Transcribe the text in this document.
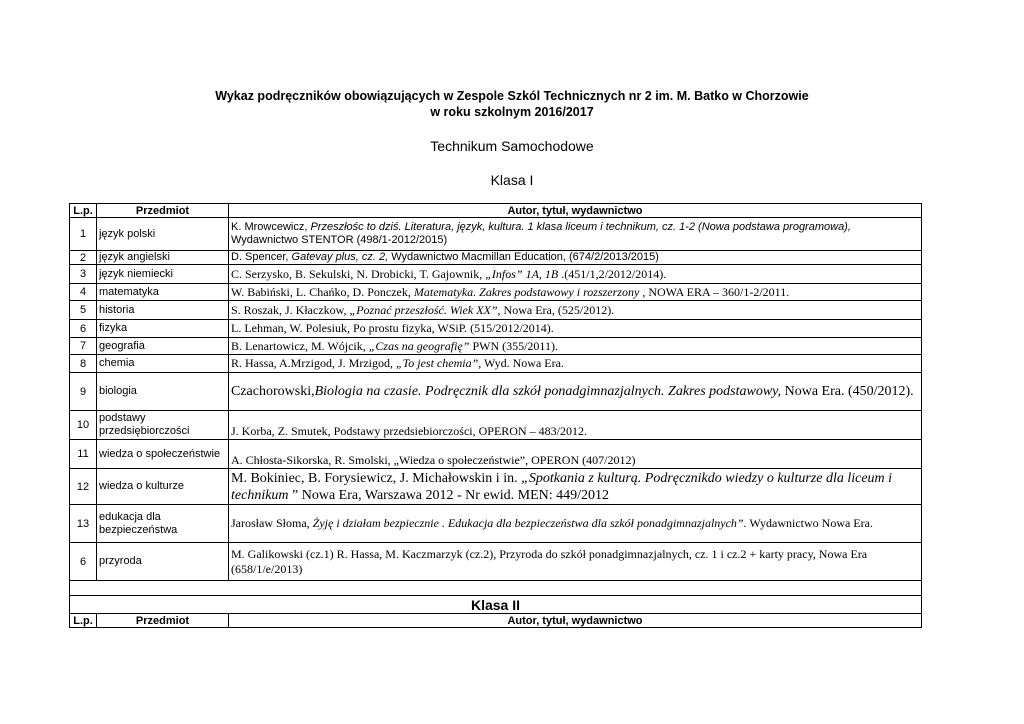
Wykaz podręczników obowiązujących w Zespole Szkól Technicznych nr 2 im. M. Batko w Chorzowie
w roku szkolnym 2016/2017
Technikum Samochodowe
Klasa I
L.p.	Przedmiot	Autor, tytuł, wydawnictwo
1	język polski	K. Mrowcewicz, Przeszłośc to dziś. Literatura, język, kultura. 1 klasa liceum i technikum, cz. 1-2 (Nowa podstawa programowa), Wydawnictwo STENTOR (498/1-2012/2015)
2	język angielski	D. Spencer, Gatevay plus, cz. 2, Wydawnictwo Macmillan Education, (674/2/2013/2015)
3	język niemiecki	C. Serzysko, B. Sekulski, N. Drobicki, T. Gajownik, „Infos” 1A, 1B .(451/1,2/2012/2014).
4	matematyka	W. Babiński, L. Chańko, D. Ponczek, Matematyka. Zakres podstawowy i rozszerzony , NOWA ERA – 360/1-2/2011.
5	historia	S. Roszak, J. Kłaczkow, „Poznać przeszłość. Wiek XX”, Nowa Era, (525/2012).
6	fizyka	L. Lehman, W. Polesiuk, Po prostu fizyka, WSiP. (515/2012/2014).
7	geografia	B. Lenartowicz, M. Wójcik, „Czas na geografię” PWN (355/2011).
8	chemia	R. Hassa, A.Mrzigod, J. Mrzigod, „To jest chemia”, Wyd. Nowa Era.
9	biologia	Czachorowski,Biologia na czasie. Podręcznik dla szkół ponadgimnazjalnych. Zakres podstawowy, Nowa Era. (450/2012).
10	podstawy przedsiębiorczości	J. Korba, Z. Smutek, Podstawy przedsiebiorczości, OPERON – 483/2012.
11	wiedza o społeczeństwie	A. Chłosta-Sikorska, R. Smolski, „Wiedza o społeczeństwie”, OPERON (407/2012)
12	wiedza o kulturze	M. Bokiniec, B. Forysiewicz, J. Michałowskin i in. „Spotkania z kulturą. Podręcznikdo wiedzy o kulturze dla liceum i technikum ” Nowa Era, Warszawa 2012 - Nr ewid. MEN: 449/2012
13	edukacja dla bezpieczeństwa	Jarosław Słoma, Żyję i działam bezpiecznie . Edukacja dla bezpieczeństwa dla szkół ponadgimnazjalnych”. Wydawnictwo Nowa Era.
6	przyroda	M. Galikowski (cz.1) R. Hassa, M. Kaczmarzyk (cz.2), Przyroda do szkół ponadgimnazjalnych, cz. 1 i cz.2 + karty pracy, Nowa Era (658/1/e/2013)

Klasa II		
L.p.	Przedmiot	Autor, tytuł, wydawnictwo
